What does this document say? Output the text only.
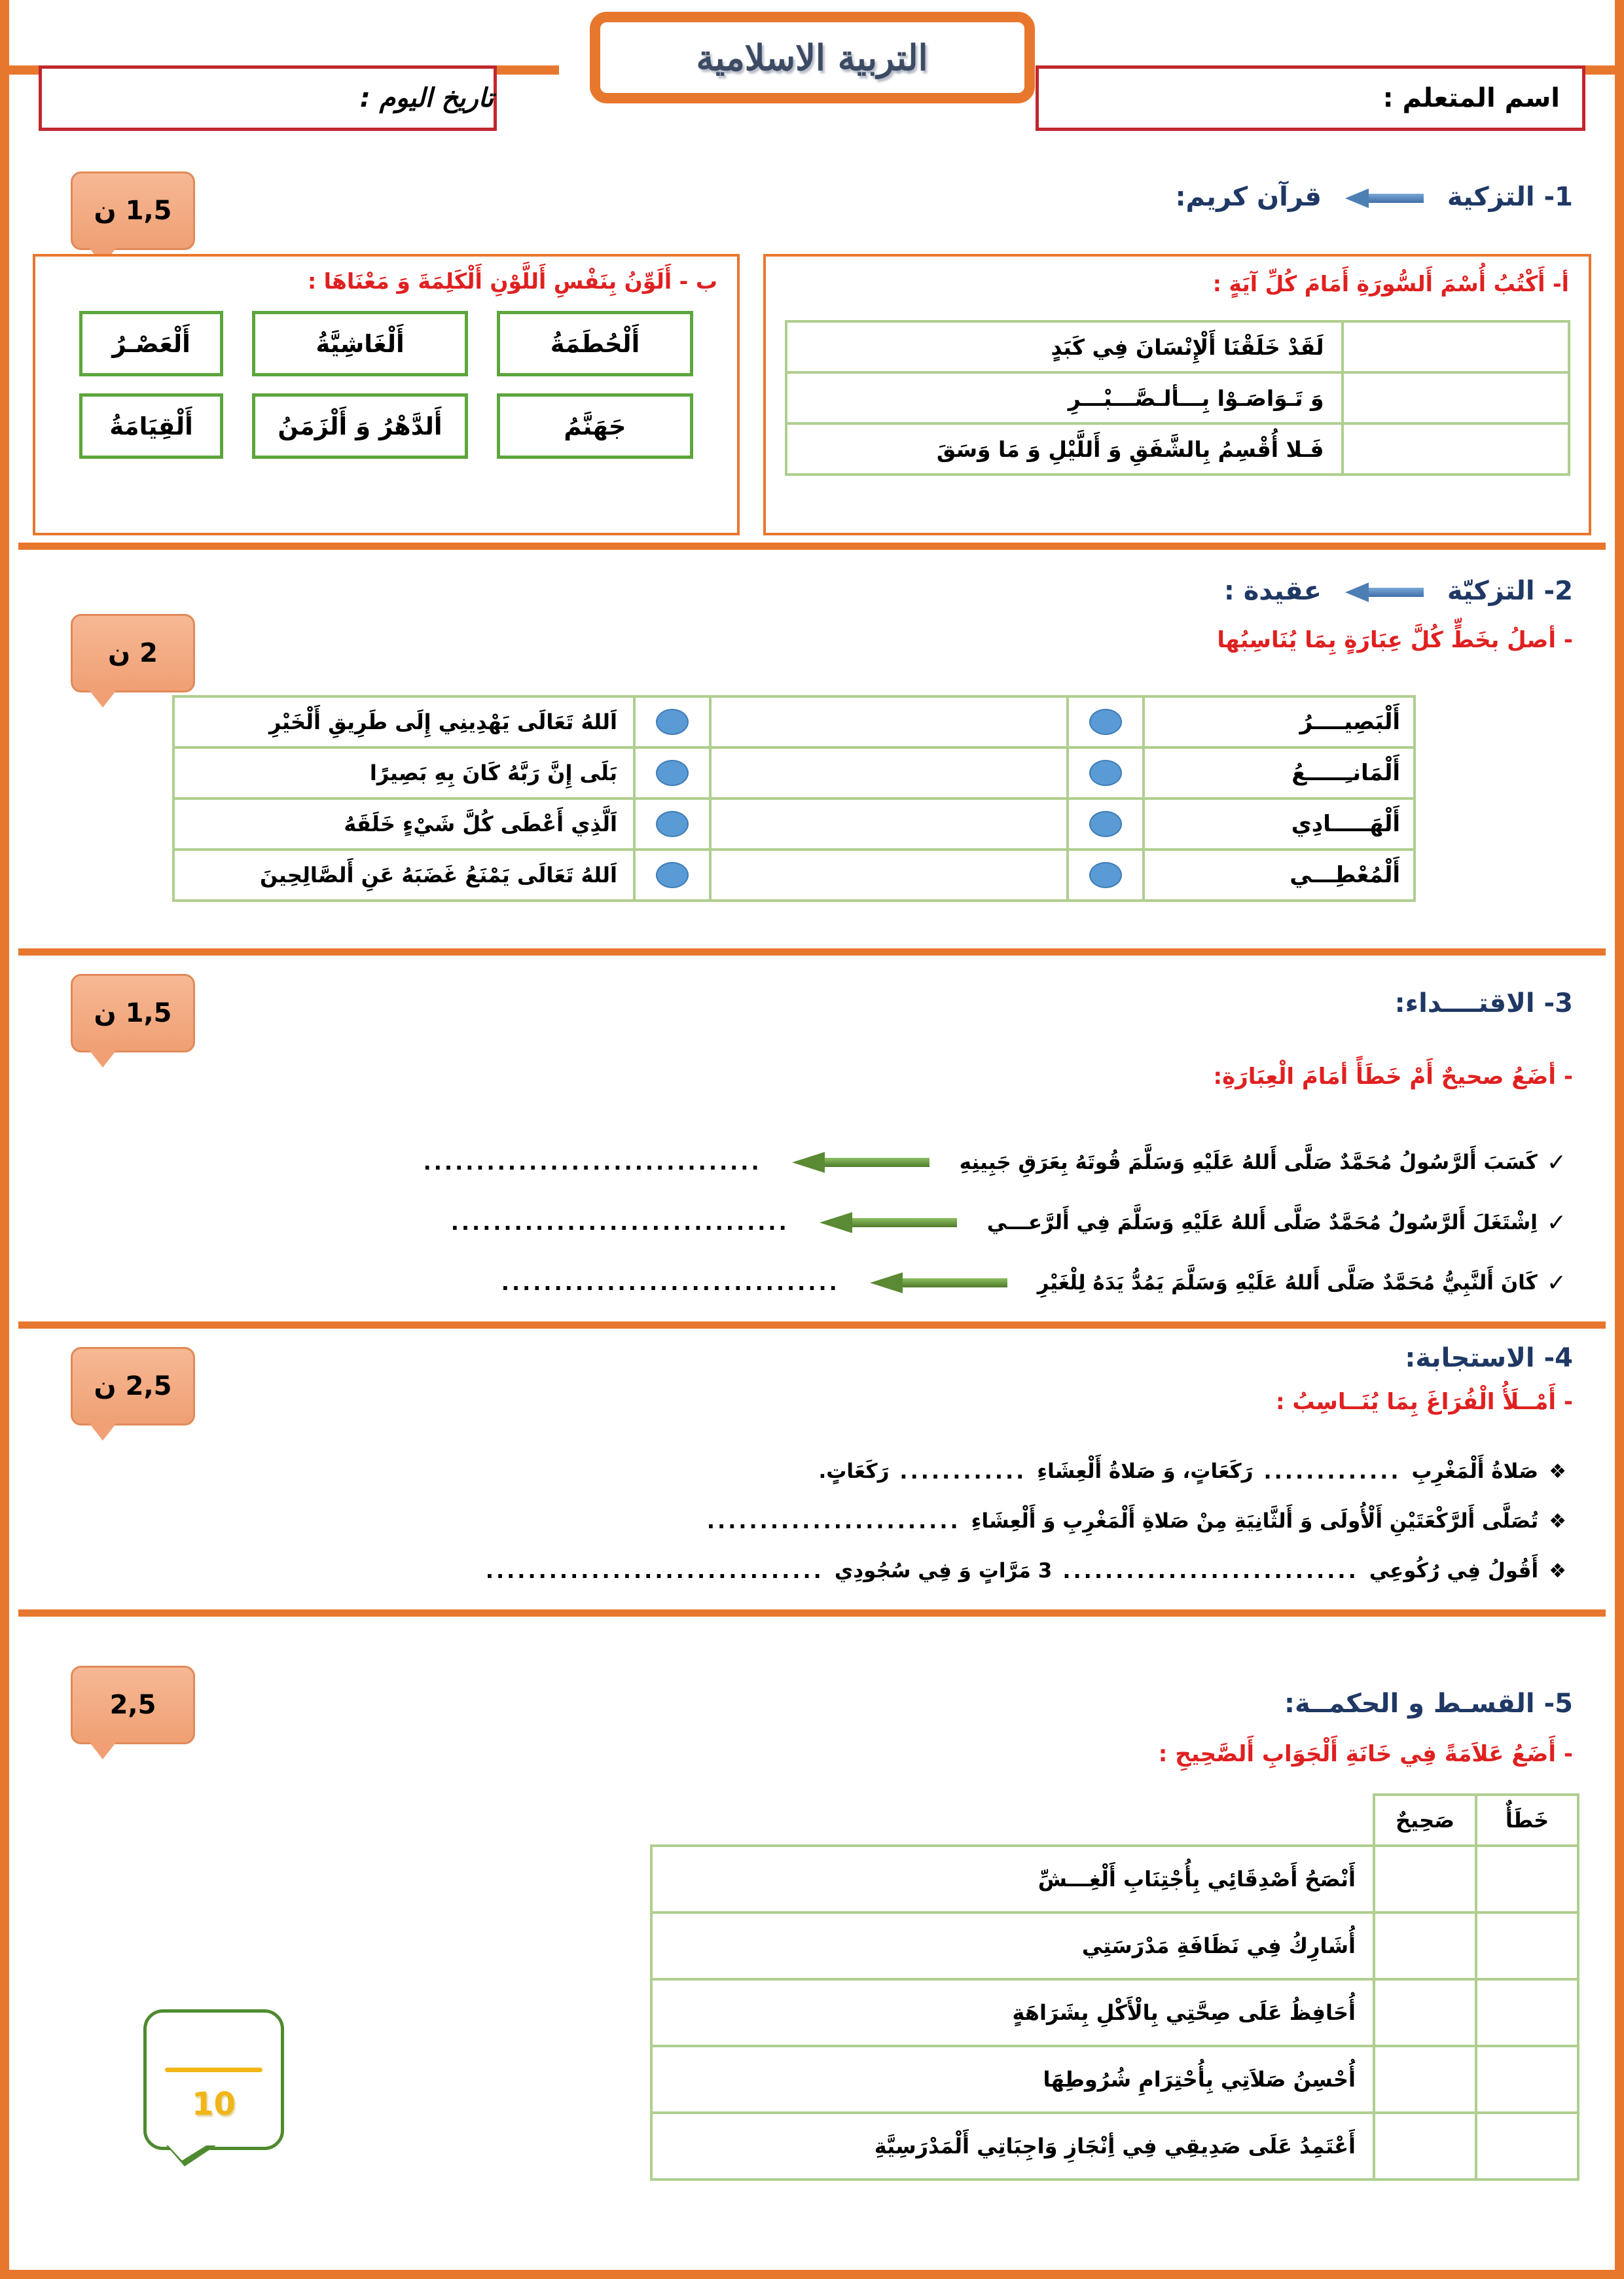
التربية الاسلامية
اسم المتعلم :
تاريخ اليوم :
1- التزكية  قرآن كريم:
1,5 ن
أ- أَكْتُبُ أُسْمَ أَلسُّورَةِ أَمَامَ كُلِّ آيَةٍ :
	لَقَدْ خَلَقْنَا أَلْإِنْسَانَ فِي كَبَدٍ
	وَ تَـوَاصَـوْا بِـــألـصَّـــبْـــرِ
	فَـلا أُقْسِمُ بِالشَّفَقِ وَ أَللَّيْلِ وَ مَا وَسَقَ
ب - أَلَوِّنُ بِنَفْسِ أَللَّوْنِ أَلْكَلِمَةَ وَ مَعْنَاهَا :
أَلْحُطَمَةُ
أَلْغَاشِيَّةُ
أَلْعَصْـرُ
جَهَنَّمُ
أَلدَّهْرُ وَ أَلْزَمَنُ
أَلْقِيَامَةُ
2- التزكيّة  عقيدة :
- أصلُ بخَطٍّ كُلَّ عِبَارَةٍ بِمَا يُنَاسِبُها
2 ن
أَلْبَصِيــــرُ				اَللهُ تَعَالَى يَهْدِينِي إِلَى طَرِيقِ أَلْخَيْرِ
أَلْمَانـِـــــعُ				بَلَى إِنَّ رَبَّهُ كَانَ بِهِ بَصِيرًا
أَلْهَـــــادِي				اَلَّذِي أَعْطَى كُلَّ شَيْءٍ خَلَقَهُ
أَلْمُعْطِـــي				اَللهُ تَعَالَى يَمْنَعُ غَضَبَهُ عَنِ أَلصَّالِحِينَ
3- الاقتــــداء:
- أضَعُ صحيحٌ أَمْ خَطَأً أمَامَ الْعِبَارَةِ:
1,5 ن
✓
كَسَبَ أَلرَّسُولُ مُحَمَّدٌ صَلَّى أَللهُ عَلَيْهِ وَسَلَّمَ قُوتَهُ بِعَرَقِ جَبِينِهِ
................................
✓
اِشْتَغَلَ أَلرَّسُولُ مُحَمَّدٌ صَلَّى أَللهُ عَلَيْهِ وَسَلَّمَ فِي أَلرَّعـــي
................................
✓
كَانَ أَلنَّبِيُّ مُحَمَّدٌ صَلَّى أَللهُ عَلَيْهِ وَسَلَّمَ يَمُدُّ يَدَهُ لِلْغَيْرِ
................................
4- الاستجابة:
- أَمْــلَأُ الْفُرَاغَ بِمَا يُنَــاسِبُ :
2,5 ن
❖
صَلاةُ أَلْمَغْرِبِ
.............
رَكَعَاتٍ، وَ صَلاةُ أَلْعِشَاءِ
............
رَكَعَاتٍ.
❖
تُصَلَّى أَلرَّكْعَتَيْنِ أَلْأُولَى وَ أَلثَّانِيَةِ مِنْ صَلاةِ أَلْمَغْرِبِ وَ أَلْعِشَاءِ
........................
❖
أَقُولُ فِي رُكُوعِي
............................
3 مَرَّاتٍ وَ فِي سُجُودِي
................................
5- القسـط و الحكمــة:
- أَضَعُ عَلاَمَةً فِي خَانَةِ أَلْجَوَابِ أَلصَّحِيحِ :
2,5
خَطَأٌ	صَحِيحٌ	
		أَنْصَحُ أَصْدِقَائِي بِأُجْتِنَابِ أَلْغِـــشِّ
		أُشَارِكُ فِي نَظَافَةِ مَدْرَسَتِي
		أُحَافِظُ عَلَى صِحَّتِي بِالْأَكْلِ بِشَرَاهَةٍ
		أُحْسِنُ صَلاَتِي بِأُحْتِرَامِ شُرُوطِهَا
		أَعْتَمِدُ عَلَى صَدِيقِي فِي أِنْجَازِ وَاجِبَاتِي أَلْمَدْرَسِيَّةِ
10
